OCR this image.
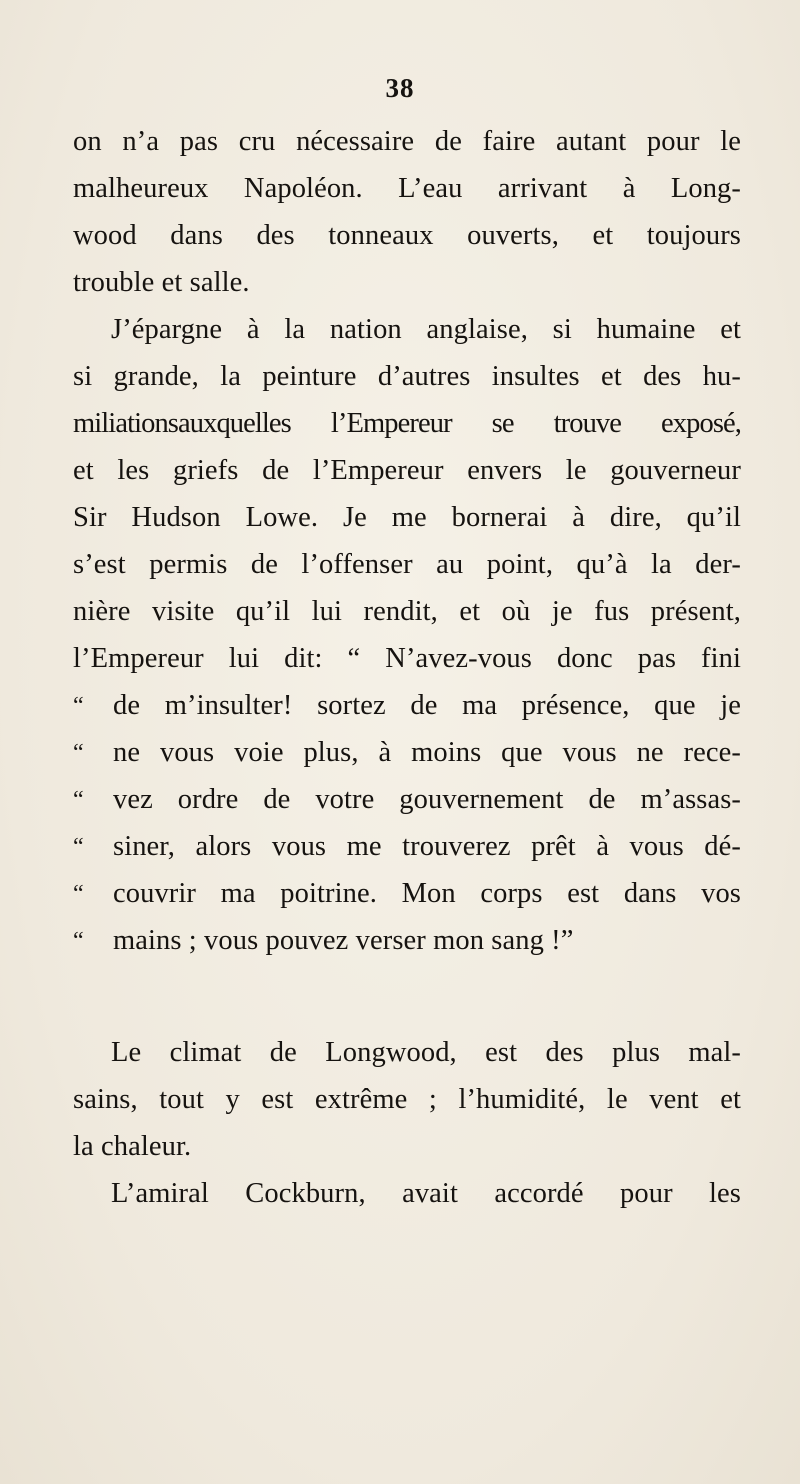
38
on n’a pas cru nécessaire de faire autant pour le
malheureux Napoléon. L’eau arrivant à Long-
wood dans des tonneaux ouverts, et toujours
trouble et salle.
J’épargne à la nation anglaise, si humaine et
si grande, la peinture d’autres insultes et des hu-
miliationsauxquelles l’Empereur se trouve exposé,
et les griefs de l’Empereur envers le gouverneur
Sir Hudson Lowe. Je me bornerai à dire, qu’il
s’est permis de l’offenser au point, qu’à la der-
nière visite qu’il lui rendit, et où je fus présent,
l’Empereur lui dit: “ N’avez-vous donc pas fini
“	de m’insulter! sortez de ma présence, que je
“	ne vous voie plus, à moins que vous ne rece-
“	vez ordre de votre gouvernement de m’assas-
“	siner, alors vous me trouverez prêt à vous dé-
“	couvrir ma poitrine. Mon corps est dans vos
“	mains ; vous pouvez verser mon sang !”
Le climat de Longwood, est des plus mal-
sains, tout y est extrême ; l’humidité, le vent et
la chaleur.
L’amiral Cockburn, avait accordé pour les
